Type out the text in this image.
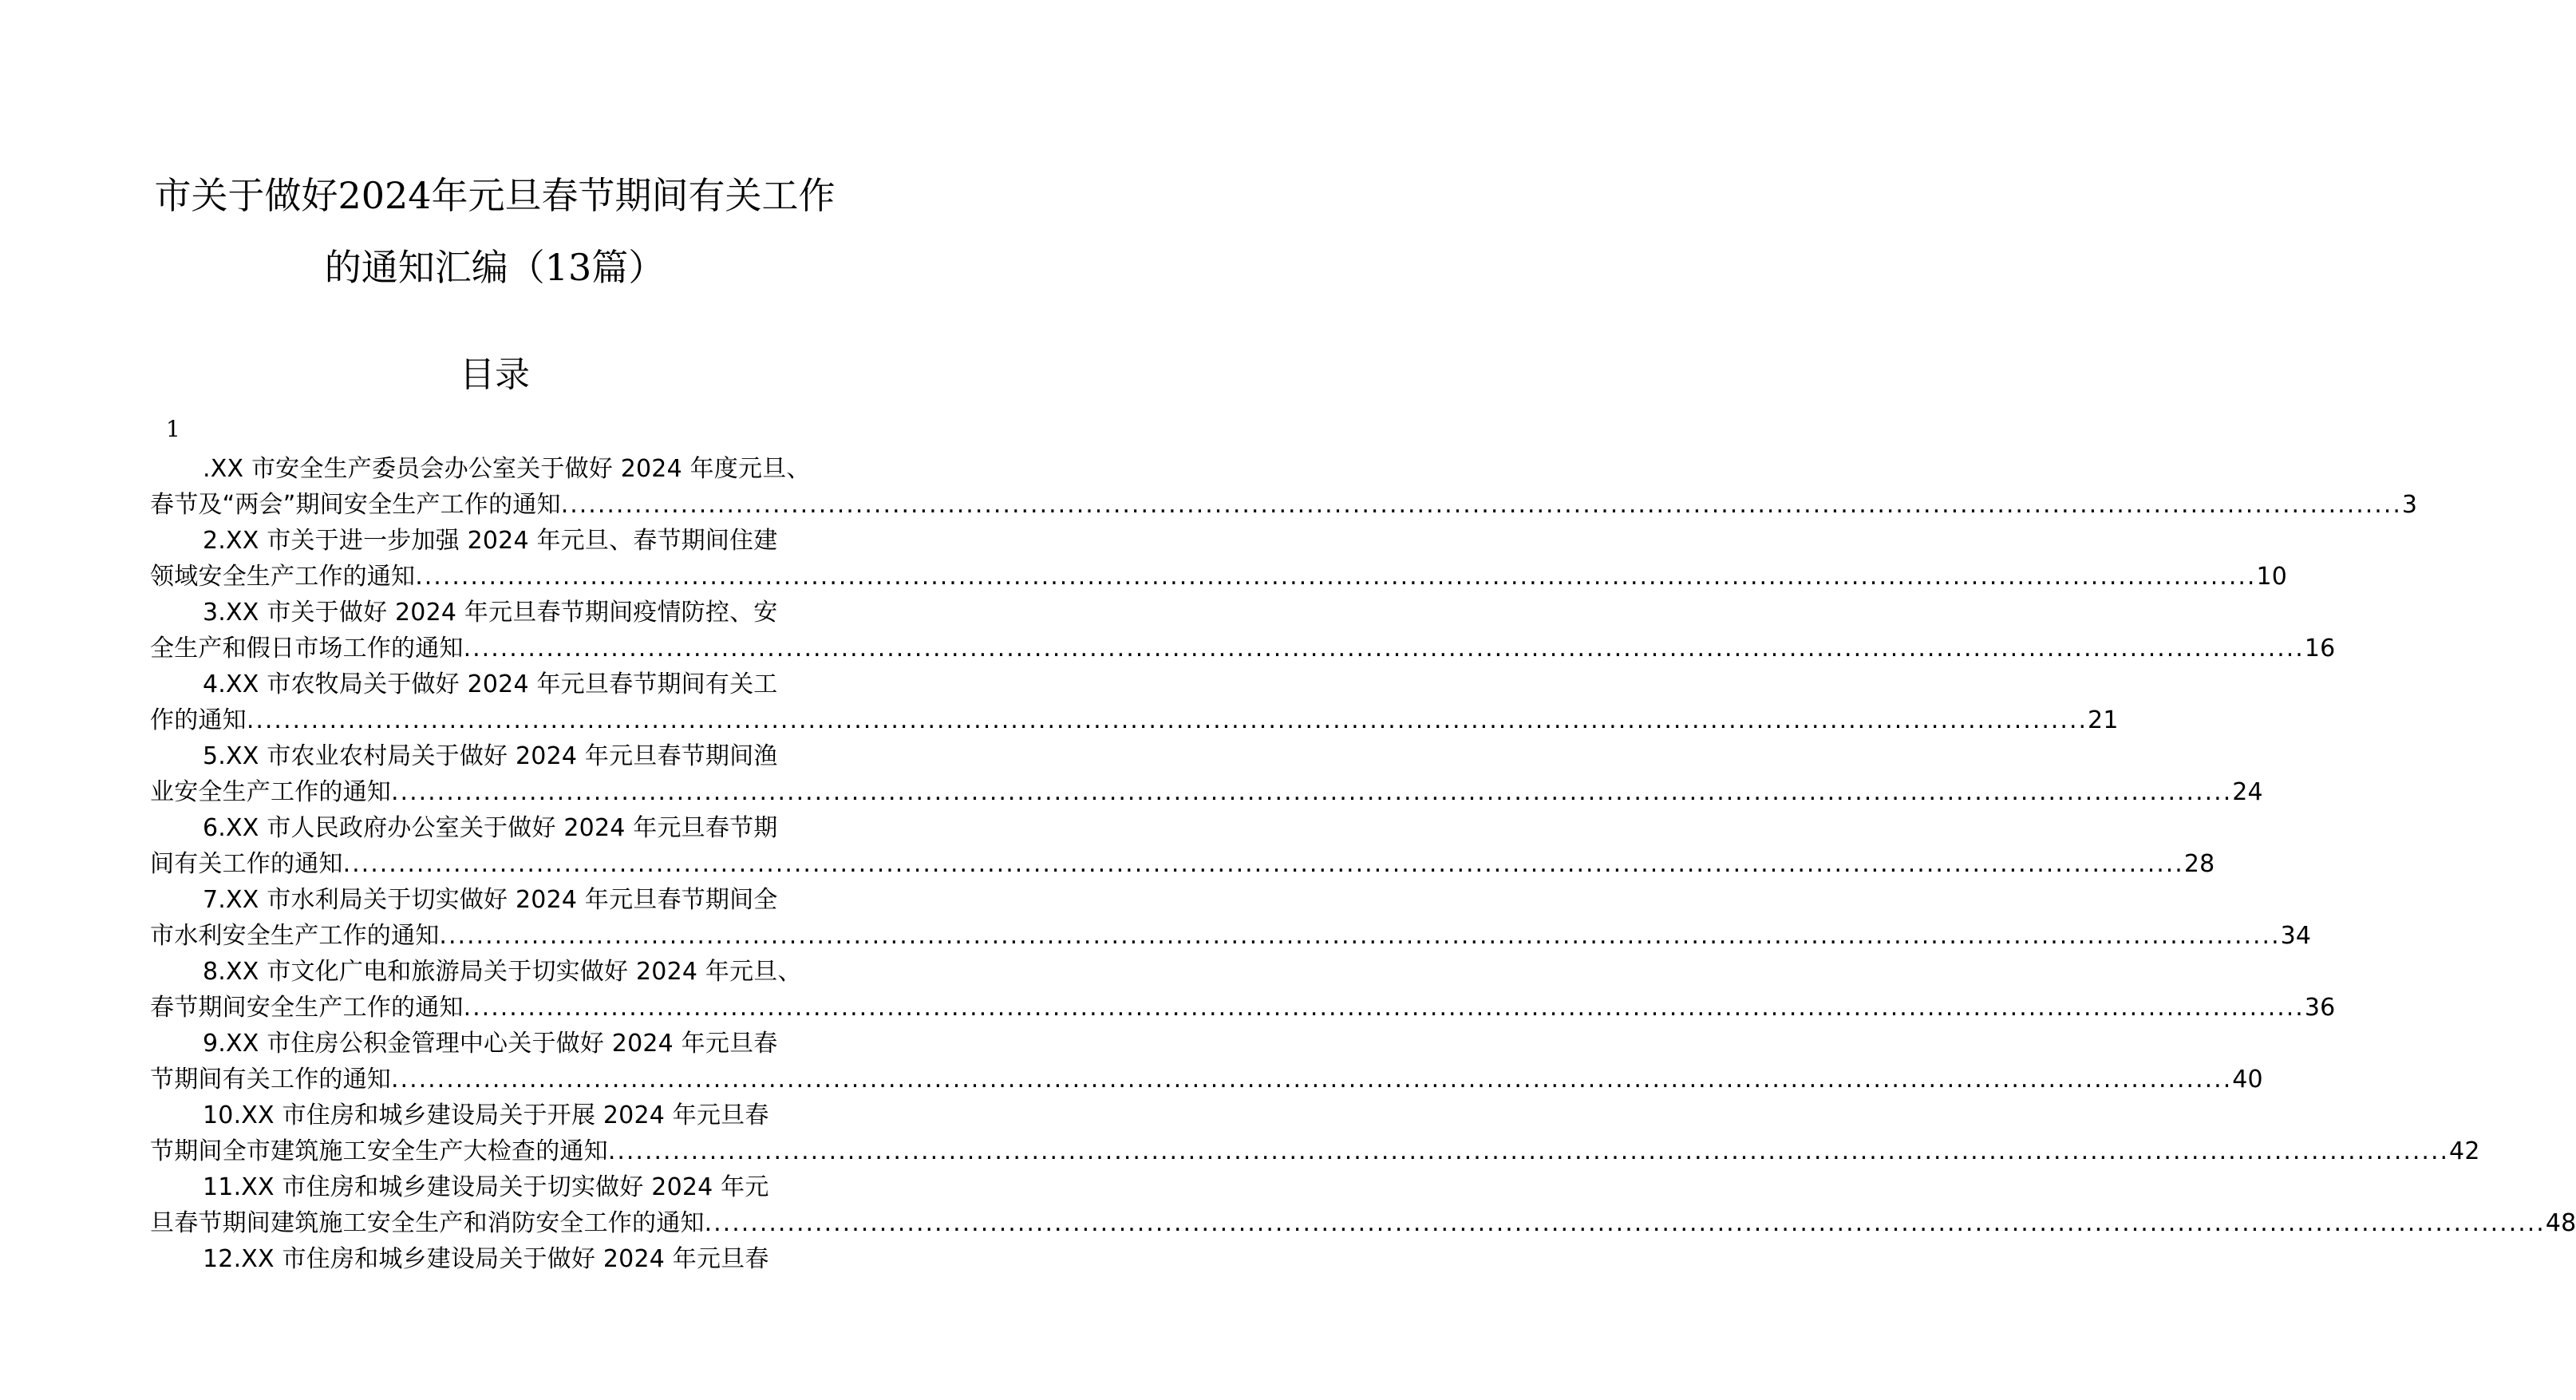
市关于做好2024年元旦春节期间有关工作
的通知汇编（13篇）
目录
1
.XX 市安全生产委员会办公室关于做好 2024 年度元旦、
春节及“两会”期间安全生产工作的通知 ........................................................................................................................................................................................................ 3
2.XX 市关于进一步加强 2024 年元旦、春节期间住建
领域安全生产工作的通知 ........................................................................................................................................................................................................ 10
3.XX 市关于做好 2024 年元旦春节期间疫情防控、安
全生产和假日市场工作的通知 ........................................................................................................................................................................................................ 16
4.XX 市农牧局关于做好 2024 年元旦春节期间有关工
作的通知 ........................................................................................................................................................................................................ 21
5.XX 市农业农村局关于做好 2024 年元旦春节期间渔
业安全生产工作的通知 ........................................................................................................................................................................................................ 24
6.XX 市人民政府办公室关于做好 2024 年元旦春节期
间有关工作的通知 ........................................................................................................................................................................................................ 28
7.XX 市水利局关于切实做好 2024 年元旦春节期间全
市水利安全生产工作的通知 ........................................................................................................................................................................................................ 34
8.XX 市文化广电和旅游局关于切实做好 2024 年元旦、
春节期间安全生产工作的通知 ........................................................................................................................................................................................................ 36
9.XX 市住房公积金管理中心关于做好 2024 年元旦春
节期间有关工作的通知 ........................................................................................................................................................................................................ 40
10.XX 市住房和城乡建设局关于开展 2024 年元旦春
节期间全市建筑施工安全生产大检查的通知 ........................................................................................................................................................................................................ 42
11.XX 市住房和城乡建设局关于切实做好 2024 年元
旦春节期间建筑施工安全生产和消防安全工作的通知 ........................................................................................................................................................................................................ 48
12.XX 市住房和城乡建设局关于做好 2024 年元旦春
